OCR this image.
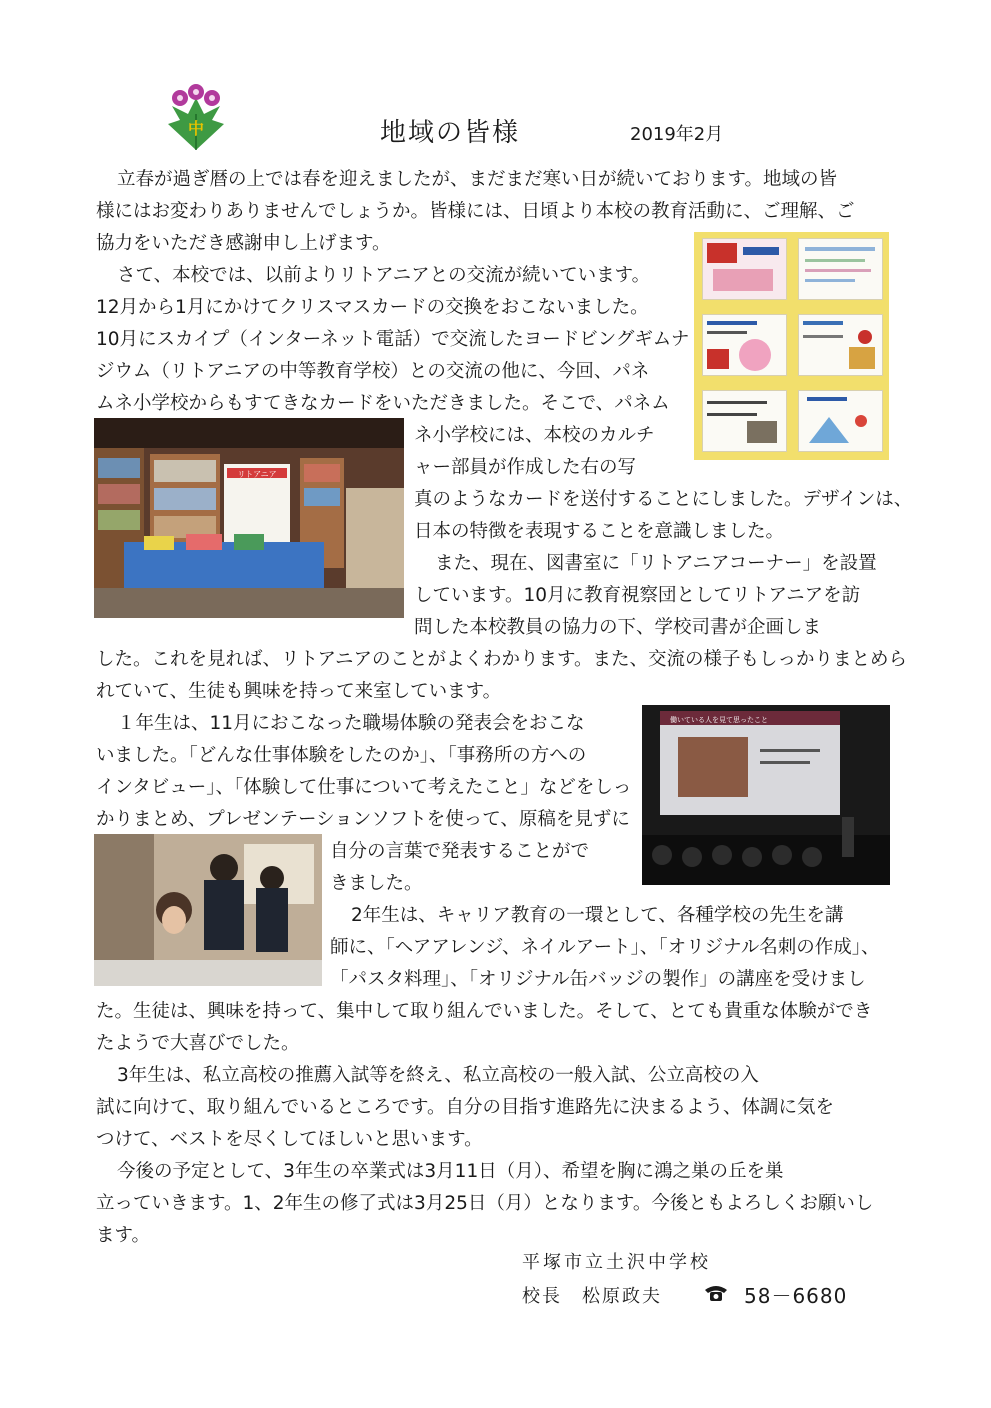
中	地域の皆様	2019年2月
リトアニア
働いている人を見て思ったこと
立春が過ぎ暦の上では春を迎えましたが、まだまだ寒い日が続いております。地域の皆
様にはお変わりありませんでしょうか。皆様には、日頃より本校の教育活動に、ご理解、ご
協力をいただき感謝申し上げます。
さて、本校では、以前よりリトアニアとの交流が続いています。
12月から1月にかけてクリスマスカードの交換をおこないました。
10月にスカイプ（インターネット電話）で交流したヨードビングギムナ
ジウム（リトアニアの中等教育学校）との交流の他に、今回、パネ
ムネ小学校からもすてきなカードをいただきました。そこで、パネム
ネ小学校には、本校のカルチ
ャー部員が作成した右の写
真のようなカードを送付することにしました。デザインは、
日本の特徴を表現することを意識しました。
また、現在、図書室に「リトアニアコーナー」を設置
しています。10月に教育視察団としてリトアニアを訪
問した本校教員の協力の下、学校司書が企画しま
した。これを見れば、リトアニアのことがよくわかります。また、交流の様子もしっかりまとめら
れていて、生徒も興味を持って来室しています。
１年生は、11月におこなった職場体験の発表会をおこな
いました。「どんな仕事体験をしたのか」、「事務所の方への
インタビュー」、「体験して仕事について考えたこと」などをしっ
かりまとめ、プレゼンテーションソフトを使って、原稿を見ずに
自分の言葉で発表することがで
きました。
2年生は、キャリア教育の一環として、各種学校の先生を講
師に、「ヘアアレンジ、ネイルアート」、「オリジナル名刺の作成」、
「パスタ料理」、「オリジナル缶バッジの製作」の講座を受けまし
た。生徒は、興味を持って、集中して取り組んでいました。そして、とても貴重な体験ができ
たようで大喜びでした。
3年生は、私立高校の推薦入試等を終え、私立高校の一般入試、公立高校の入
試に向けて、取り組んでいるところです。自分の目指す進路先に決まるよう、体調に気を
つけて、ベストを尽くしてほしいと思います。
今後の予定として、3年生の卒業式は3月11日（月）、希望を胸に鴻之巣の丘を巣
立っていきます。1、2年生の修了式は3月25日（月）となります。今後ともよろしくお願いし
ます。
平塚市立土沢中学校
校長　松原政夫	58－6680
